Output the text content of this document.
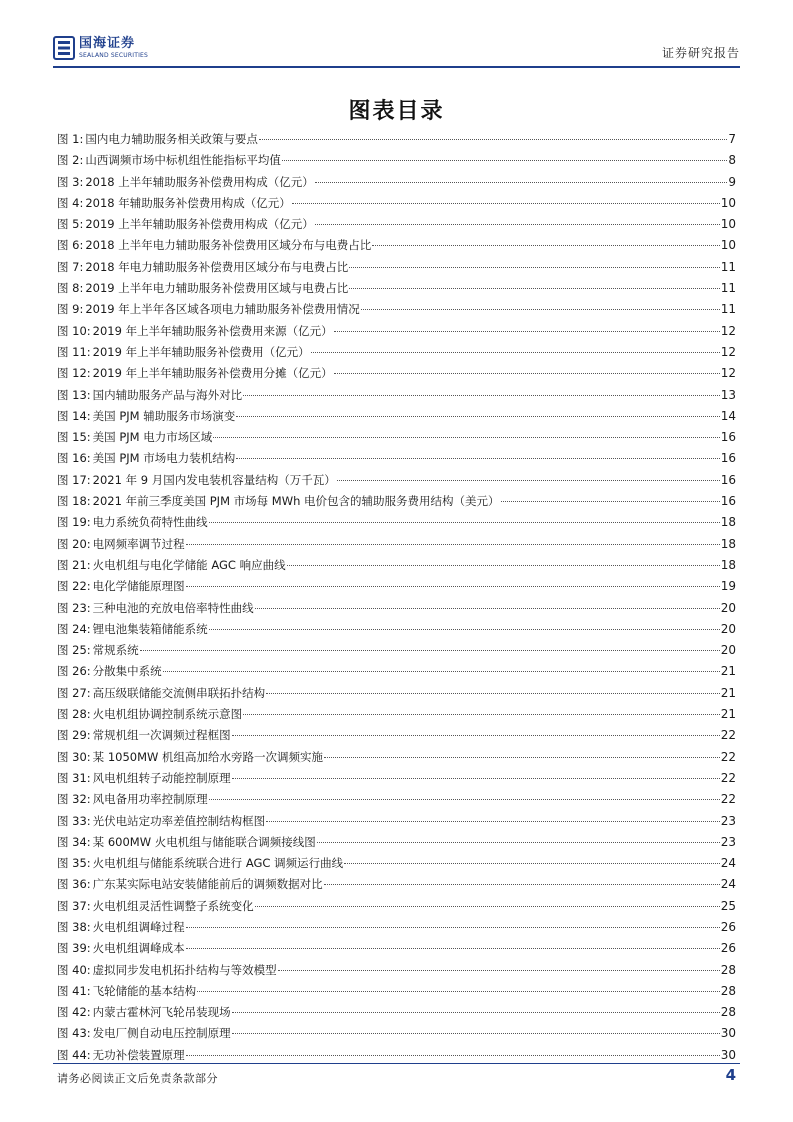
国海证券
SEALAND SECURITIES	证券研究报告
图表目录
图 1: 国内电力辅助服务相关政策与要点	7
图 2: 山西调频市场中标机组性能指标平均值	8
图 3: 2018 上半年辅助服务补偿费用构成（亿元）	9
图 4: 2018 年辅助服务补偿费用构成（亿元）	10
图 5: 2019 上半年辅助服务补偿费用构成（亿元）	10
图 6: 2018 上半年电力辅助服务补偿费用区域分布与电费占比	10
图 7: 2018 年电力辅助服务补偿费用区域分布与电费占比	11
图 8: 2019 上半年电力辅助服务补偿费用区域与电费占比	11
图 9: 2019 年上半年各区域各项电力辅助服务补偿费用情况	11
图 10: 2019 年上半年辅助服务补偿费用来源（亿元）	12
图 11: 2019 年上半年辅助服务补偿费用（亿元）	12
图 12: 2019 年上半年辅助服务补偿费用分摊（亿元）	12
图 13: 国内辅助服务产品与海外对比	13
图 14: 美国 PJM 辅助服务市场演变	14
图 15: 美国 PJM 电力市场区域	16
图 16: 美国 PJM 市场电力装机结构	16
图 17: 2021 年 9 月国内发电装机容量结构（万千瓦）	16
图 18: 2021 年前三季度美国 PJM 市场每 MWh 电价包含的辅助服务费用结构（美元）	16
图 19: 电力系统负荷特性曲线	18
图 20: 电网频率调节过程	18
图 21: 火电机组与电化学储能 AGC 响应曲线	18
图 22: 电化学储能原理图	19
图 23: 三种电池的充放电倍率特性曲线	20
图 24: 锂电池集装箱储能系统	20
图 25: 常规系统	20
图 26: 分散集中系统	21
图 27: 高压级联储能交流侧串联拓扑结构	21
图 28: 火电机组协调控制系统示意图	21
图 29: 常规机组一次调频过程框图	22
图 30: 某 1050MW 机组高加给水旁路一次调频实施	22
图 31: 风电机组转子动能控制原理	22
图 32: 风电备用功率控制原理	22
图 33: 光伏电站定功率差值控制结构框图	23
图 34: 某 600MW 火电机组与储能联合调频接线图	23
图 35: 火电机组与储能系统联合进行 AGC 调频运行曲线	24
图 36: 广东某实际电站安装储能前后的调频数据对比	24
图 37: 火电机组灵活性调整子系统变化	25
图 38: 火电机组调峰过程	26
图 39: 火电机组调峰成本	26
图 40: 虚拟同步发电机拓扑结构与等效模型	28
图 41: 飞轮储能的基本结构	28
图 42: 内蒙古霍林河飞轮吊装现场	28
图 43: 发电厂侧自动电压控制原理	30
图 44: 无功补偿装置原理	30
请务必阅读正文后免责条款部分	4
